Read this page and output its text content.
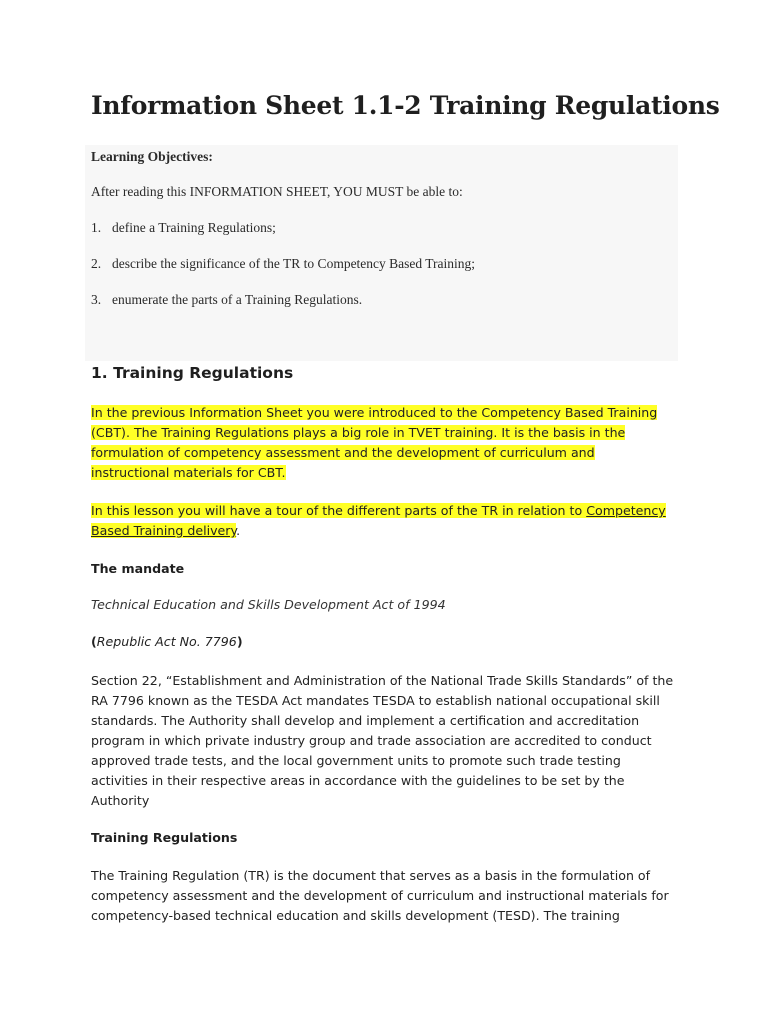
Information Sheet 1.1-2 Training Regulations
Learning Objectives:
After reading this INFORMATION SHEET, YOU MUST be able to:
1. define a Training Regulations;
2. describe the significance of the TR to Competency Based Training;
3. enumerate the parts of a Training Regulations.
1. Training Regulations
In the previous Information Sheet you were introduced to the Competency Based Training
(CBT). The Training Regulations plays a big role in TVET training. It is the basis in the
formulation of competency assessment and the development of curriculum and
instructional materials for CBT.
In this lesson you will have a tour of the different parts of the TR in relation to Competency
Based Training delivery.
The mandate
Technical Education and Skills Development Act of 1994
(Republic Act No. 7796)
Section 22, “Establishment and Administration of the National Trade Skills Standards” of the
RA 7796 known as the TESDA Act mandates TESDA to establish national occupational skill
standards. The Authority shall develop and implement a certification and accreditation
program in which private industry group and trade association are accredited to conduct
approved trade tests, and the local government units to promote such trade testing
activities in their respective areas in accordance with the guidelines to be set by the
Authority
Training Regulations
The Training Regulation (TR) is the document that serves as a basis in the formulation of
competency assessment and the development of curriculum and instructional materials for
competency-based technical education and skills development (TESD). The training
